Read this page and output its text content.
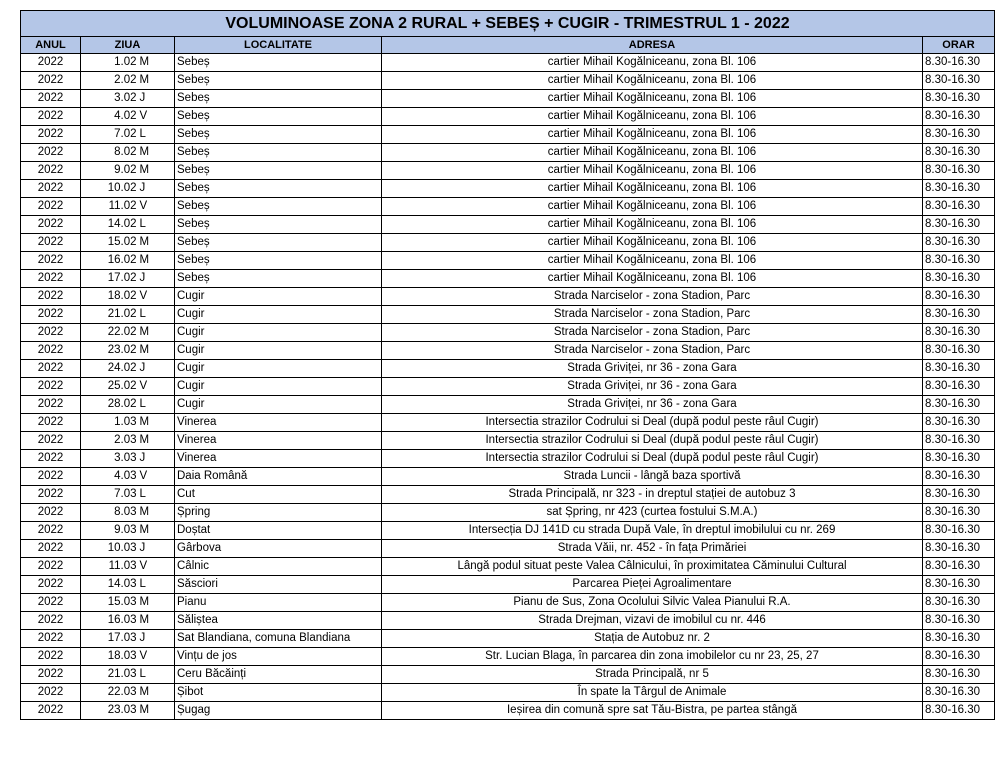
VOLUMINOASE ZONA 2 RURAL + SEBEȘ + CUGIR - TRIMESTRUL 1 - 2022					
ANUL	ZIUA		LOCALITATE	ADRESA	ORAR
2022	1.02	M	Sebeș	cartier Mihail Kogălniceanu, zona Bl. 106	8.30-16.30
2022	2.02	M	Sebeș	cartier Mihail Kogălniceanu, zona Bl. 106	8.30-16.30
2022	3.02	J	Sebeș	cartier Mihail Kogălniceanu, zona Bl. 106	8.30-16.30
2022	4.02	V	Sebeș	cartier Mihail Kogălniceanu, zona Bl. 106	8.30-16.30
2022	7.02	L	Sebeș	cartier Mihail Kogălniceanu, zona Bl. 106	8.30-16.30
2022	8.02	M	Sebeș	cartier Mihail Kogălniceanu, zona Bl. 106	8.30-16.30
2022	9.02	M	Sebeș	cartier Mihail Kogălniceanu, zona Bl. 106	8.30-16.30
2022	10.02	J	Sebeș	cartier Mihail Kogălniceanu, zona Bl. 106	8.30-16.30
2022	11.02	V	Sebeș	cartier Mihail Kogălniceanu, zona Bl. 106	8.30-16.30
2022	14.02	L	Sebeș	cartier Mihail Kogălniceanu, zona Bl. 106	8.30-16.30
2022	15.02	M	Sebeș	cartier Mihail Kogălniceanu, zona Bl. 106	8.30-16.30
2022	16.02	M	Sebeș	cartier Mihail Kogălniceanu, zona Bl. 106	8.30-16.30
2022	17.02	J	Sebeș	cartier Mihail Kogălniceanu, zona Bl. 106	8.30-16.30
2022	18.02	V	Cugir	Strada Narciselor - zona Stadion, Parc	8.30-16.30
2022	21.02	L	Cugir	Strada Narciselor - zona Stadion, Parc	8.30-16.30
2022	22.02	M	Cugir	Strada Narciselor - zona Stadion, Parc	8.30-16.30
2022	23.02	M	Cugir	Strada Narciselor - zona Stadion, Parc	8.30-16.30
2022	24.02	J	Cugir	Strada Griviței, nr 36 - zona Gara	8.30-16.30
2022	25.02	V	Cugir	Strada Griviței, nr 36 - zona Gara	8.30-16.30
2022	28.02	L	Cugir	Strada Griviței, nr 36 - zona Gara	8.30-16.30
2022	1.03	M	Vinerea	Intersectia strazilor Codrului si Deal (după podul peste râul Cugir)	8.30-16.30
2022	2.03	M	Vinerea	Intersectia strazilor Codrului si Deal (după podul peste râul Cugir)	8.30-16.30
2022	3.03	J	Vinerea	Intersectia strazilor Codrului si Deal (după podul peste râul Cugir)	8.30-16.30
2022	4.03	V	Daia Română	Strada Luncii - lângă baza sportivă	8.30-16.30
2022	7.03	L	Cut	Strada Principală, nr 323 - in dreptul stației de autobuz 3	8.30-16.30
2022	8.03	M	Șpring	sat Șpring, nr 423 (curtea fostului S.M.A.)	8.30-16.30
2022	9.03	M	Doștat	Intersecția DJ 141D cu strada După Vale, în dreptul imobilului cu nr. 269	8.30-16.30
2022	10.03	J	Gârbova	Strada Văii, nr. 452 - în fața Primăriei	8.30-16.30
2022	11.03	V	Câlnic	Lângă podul situat peste Valea Câlnicului, în proximitatea Căminului Cultural	8.30-16.30
2022	14.03	L	Săsciori	Parcarea Pieței Agroalimentare	8.30-16.30
2022	15.03	M	Pianu	Pianu de Sus, Zona Ocolului Silvic Valea Pianului R.A.	8.30-16.30
2022	16.03	M	Săliștea	Strada Drejman, vizavi de imobilul cu nr. 446	8.30-16.30
2022	17.03	J	Sat Blandiana, comuna Blandiana	Stația de Autobuz nr. 2	8.30-16.30
2022	18.03	V	Vințu de jos	Str. Lucian Blaga, în parcarea din zona imobilelor cu nr 23, 25, 27	8.30-16.30
2022	21.03	L	Ceru Băcăinți	Strada Principală, nr 5	8.30-16.30
2022	22.03	M	Șibot	În spate la Târgul de Animale	8.30-16.30
2022	23.03	M	Șugag	Ieșirea din comună spre sat Tău-Bistra, pe partea stângă	8.30-16.30
